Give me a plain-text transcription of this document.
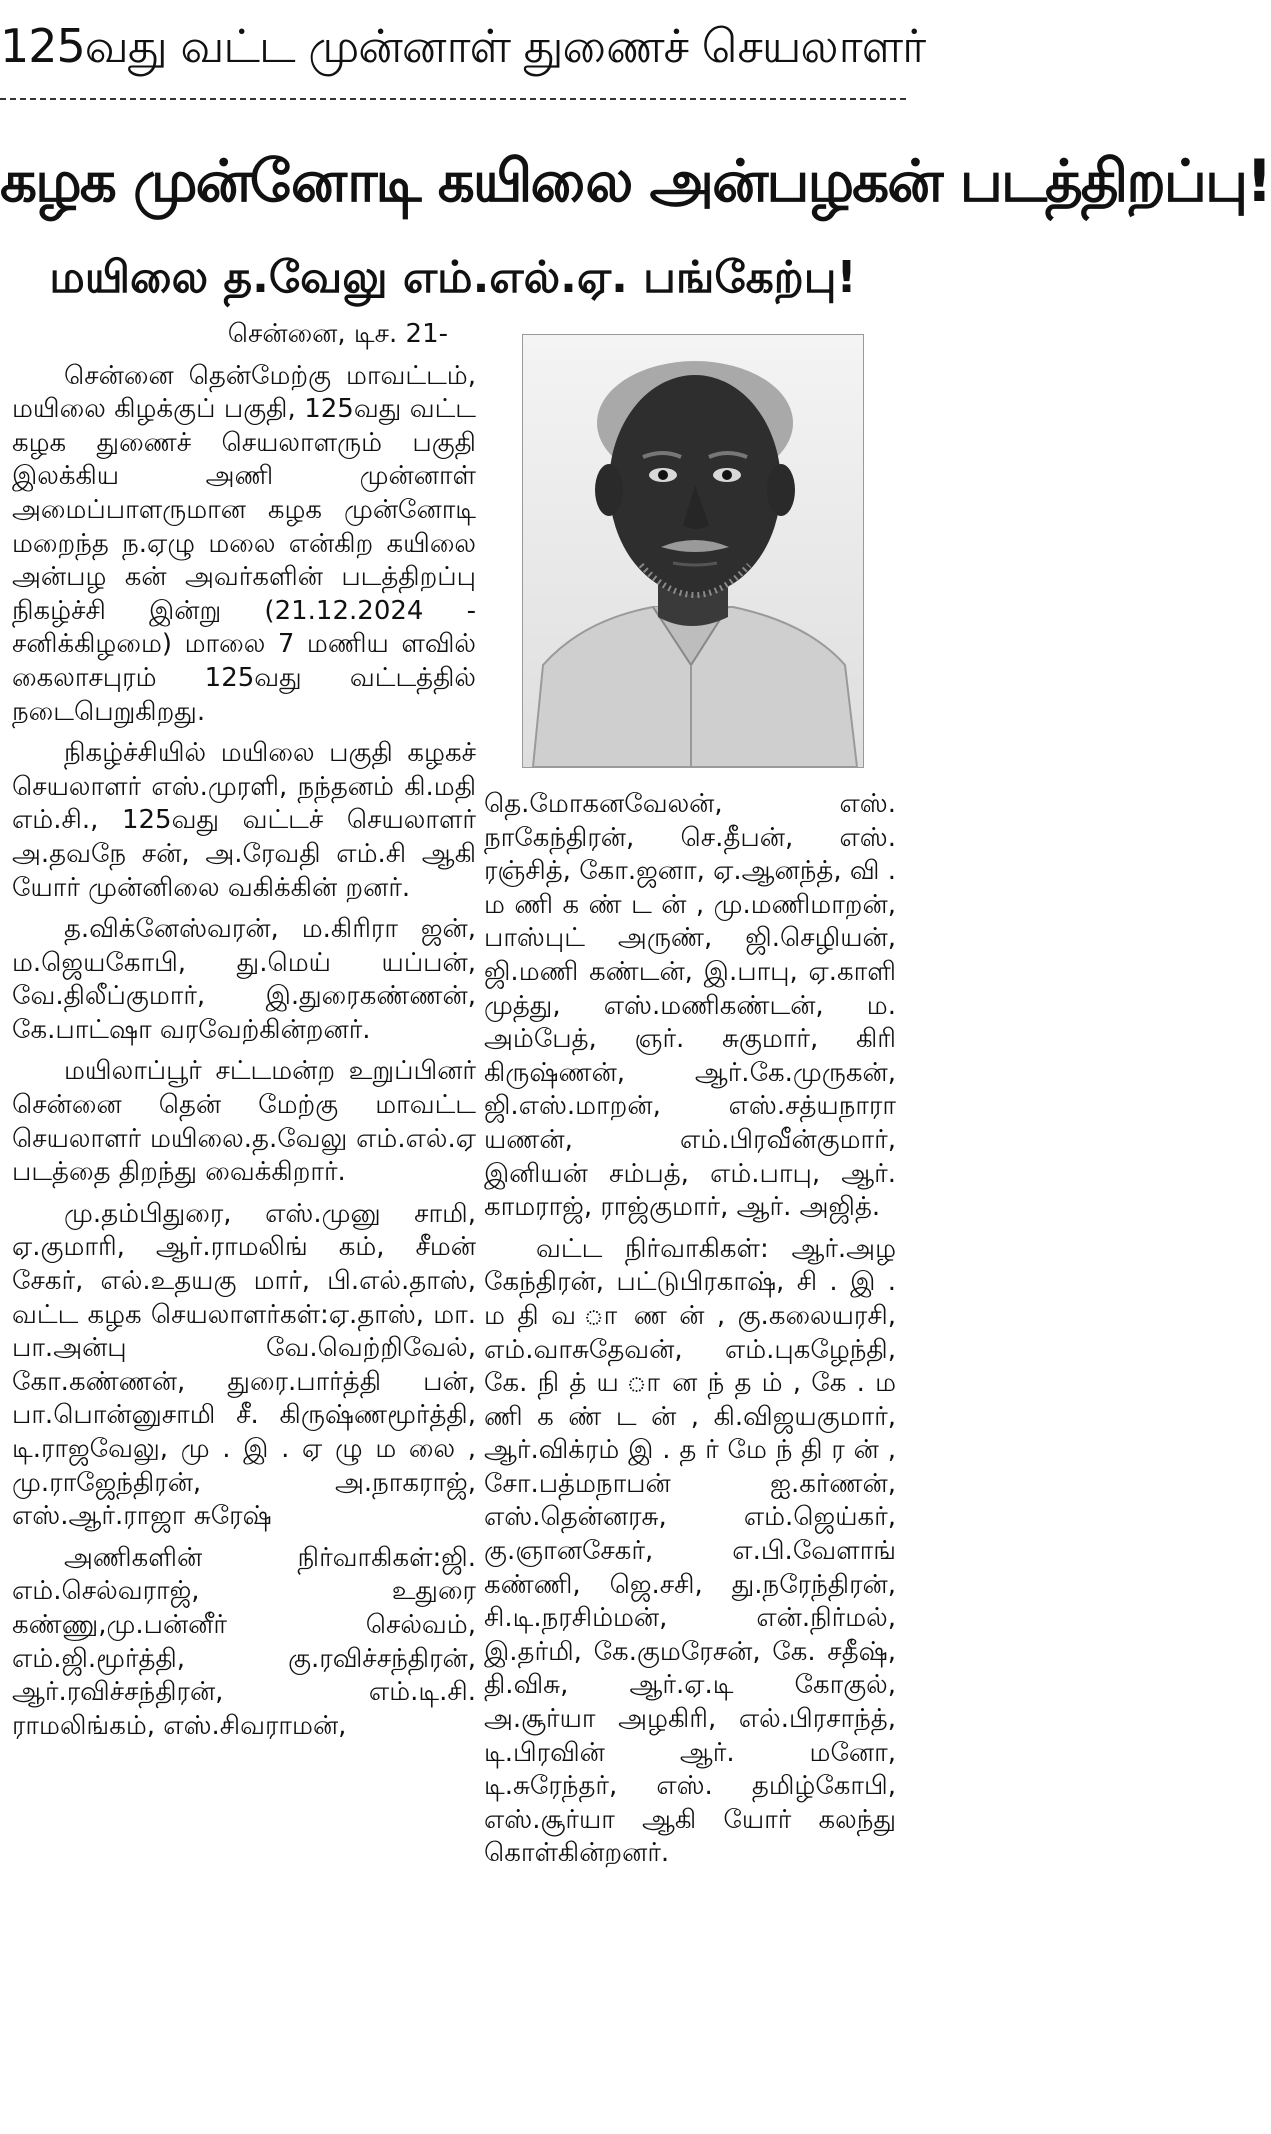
125வது வட்ட முன்னாள் துணைச் செயலாளர்
கழக முன்னோடி கயிலை அன்பழகன் படத்திறப்பு!
மயிலை த.வேலு எம்.எல்.ஏ. பங்கேற்பு!

சென்னை, டிச. 21-

சென்னை தென்மேற்கு மாவட்டம், மயிலை கிழக்குப் பகுதி, 125வது வட்ட கழக துணைச் செயலாளரும் பகுதி இலக்கிய அணி முன்னாள் அமைப்பாளருமான கழக முன்னோடி மறைந்த ந.ஏழு மலை என்கிற கயிலை அன்பழ கன் அவர்களின் படத்திறப்பு நிகழ்ச்சி இன்று (21.12.2024 - சனிக்கிழமை) மாலை 7 மணிய ளவில் கைலாசபுரம் 125வது வட்டத்தில் நடைபெறுகிறது.

நிகழ்ச்சியில் மயிலை பகுதி கழகச் செயலாளர் எஸ்.முரளி, நந்தனம் கி.மதி எம்.சி., 125வது வட்டச் செயலாளர் அ.தவநே சன், அ.ரேவதி எம்.சி ஆகி யோர் முன்னிலை வகிக்கின் றனர்.

த.விக்னேஸ்வரன், ம.கிரிரா ஜன், ம.ஜெயகோபி, து.மெய் யப்பன், வே.திலீப்குமார், இ.துரைகண்ணன், கே.பாட்ஷா வரவேற்கின்றனர்.

மயிலாப்பூர் சட்டமன்ற உறுப்பினர் சென்னை தென் மேற்கு மாவட்ட செயலாளர் மயிலை.த.வேலு எம்.எல்.ஏ படத்தை திறந்து வைக்கிறார்.

மு.தம்பிதுரை, எஸ்.முனு சாமி, ஏ.குமாரி, ஆர்.ராமலிங் கம், சீமன் சேகர், எல்.உதயகு மார், பி.எல்.தாஸ், வட்ட கழக செயலாளர்கள்:ஏ.தாஸ், மா. பா.அன்பு வே.வெற்றிவேல், கோ.கண்ணன், துரை.பார்த்தி பன், பா.பொன்னுசாமி சீ. கிருஷ்ணமூர்த்தி, டி.ராஜவேலு, மு . இ . ஏ ழு ம லை , மு.ராஜேந்திரன், அ.நாகராஜ், எஸ்.ஆர்.ராஜா சுரேஷ்

அணிகளின் நிர்வாகிகள்:ஜி. எம்.செல்வராஜ், உதுரை கண்ணு,மு.பன்னீர் செல்வம், எம்.ஜி.மூர்த்தி, கு.ரவிச்சந்திரன், ஆர்.ரவிச்சந்திரன், எம்.டி.சி. ராமலிங்கம், எஸ்.சிவராமன்,

தெ.மோகனவேலன், எஸ். நாகேந்திரன், செ.தீபன், எஸ். ரஞ்சித், கோ.ஜனா, ஏ.ஆனந்த், வி . ம ணி க ண் ட ன் , மு.மணிமாறன், பாஸ்புட் அருண், ஜி.செழியன், ஜி.மணி கண்டன், இ.பாபு, ஏ.காளி முத்து, எஸ்.மணிகண்டன், ம. அம்பேத், ஞர். சுகுமார், கிரி கிருஷ்ணன், ஆர்.கே.முருகன், ஜி.எஸ்.மாறன், எஸ்.சத்யநாரா யணன், எம்.பிரவீன்குமார், இனியன் சம்பத், எம்.பாபு, ஆர். காமராஜ், ராஜ்குமார், ஆர். அஜித்.

வட்ட நிர்வாகிகள்: ஆர்.அழ கேந்திரன், பட்டுபிரகாஷ், சி . இ . ம தி வ ா ண ன் , கு.கலையரசி, எம்.வாசுதேவன், எம்.புகழேந்தி, கே. நி த் ய ா ன ந் த ம் , கே . ம ணி க ண் ட ன் , கி.விஜயகுமார், ஆர்.விக்ரம் இ . த ர் மே ந் தி ர ன் , சோ.பத்மநாபன் ஐ.கர்ணன், எஸ்.தென்னரசு, எம்.ஜெய்கர், கு.ஞானசேகர், எ.பி.வேளாங் கண்ணி, ஜெ.சசி, து.நரேந்திரன், சி.டி.நரசிம்மன், என்.நிர்மல், இ.தர்மி, கே.குமரேசன், கே. சதீஷ், தி.விசு, ஆர்.ஏ.டி கோகுல், அ.சூர்யா அழகிரி, எல்.பிரசாந்த், டி.பிரவின் ஆர். மனோ, டி.சுரேந்தர், எஸ். தமிழ்கோபி, எஸ்.சூர்யா ஆகி யோர் கலந்து கொள்கின்றனர்.
